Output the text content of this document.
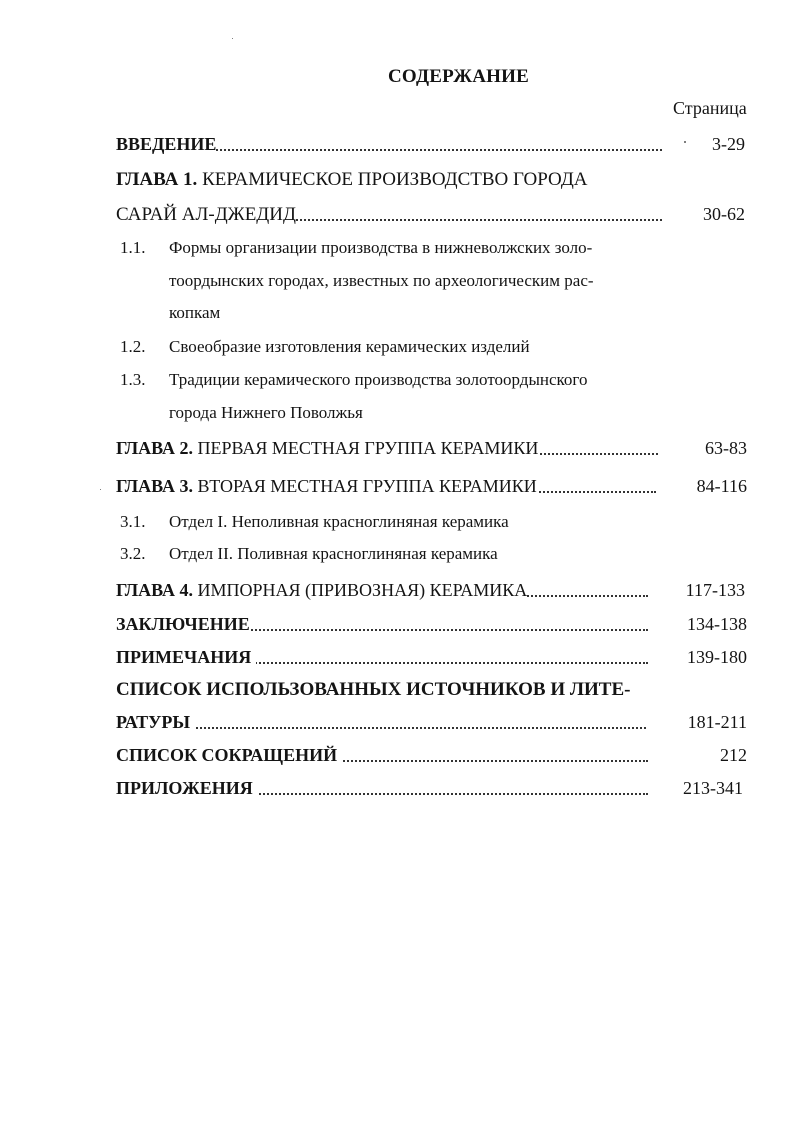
СОДЕРЖАНИЕ
Страница
ВВЕДЕНИЕ	3-29
ГЛАВА 1. КЕРАМИЧЕСКОЕ ПРОИЗВОДСТВО ГОРОДА
САРАЙ АЛ-ДЖЕДИД	30-62
1.1. Формы организации производства в нижневолжских золо-
тоордынских городах, известных по археологическим рас-
копкам
1.2. Своеобразие изготовления керамических изделий
1.3. Традиции керамического производства золотоордынского
города Нижнего Поволжья
ГЛАВА 2. ПЕРВАЯ МЕСТНАЯ ГРУППА КЕРАМИКИ	63-83
ГЛАВА 3. ВТОРАЯ МЕСТНАЯ ГРУППА КЕРАМИКИ	84-116
3.1. Отдел I. Неполивная красноглиняная керамика
3.2. Отдел II. Поливная красноглиняная керамика
ГЛАВА 4. ИМПОРНАЯ (ПРИВОЗНАЯ) КЕРАМИКА	117-133
ЗАКЛЮЧЕНИЕ	134-138
ПРИМЕЧАНИЯ	139-180
СПИСОК ИСПОЛЬЗОВАННЫХ ИСТОЧНИКОВ И ЛИТЕ-
РАТУРЫ	181-211
СПИСОК СОКРАЩЕНИЙ	212
ПРИЛОЖЕНИЯ	213-341
